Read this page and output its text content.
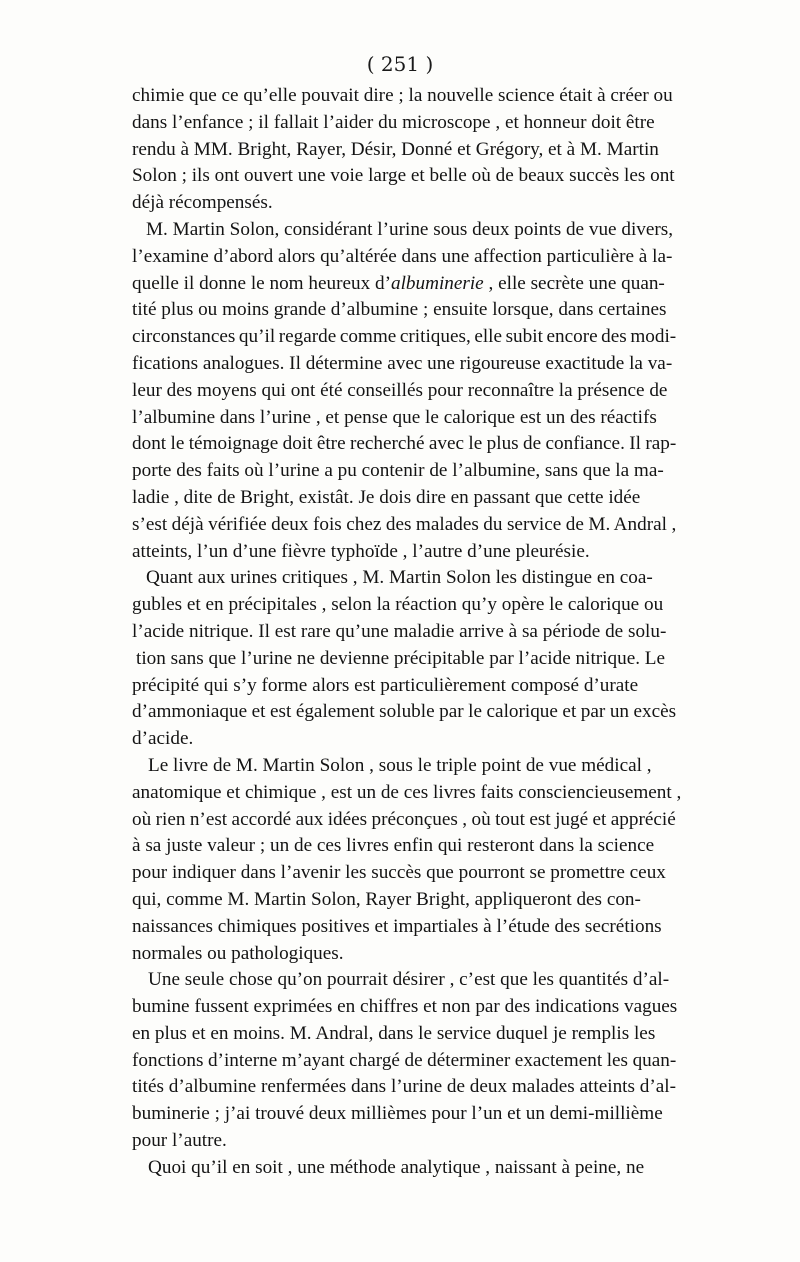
( 251 )
chimie que ce qu’elle pouvait dire ; la nouvelle science était à créer ou
dans l’enfance ; il fallait l’aider du microscope , et honneur doit être
rendu à MM. Bright, Rayer, Désir, Donné et Grégory, et à M. Martin
Solon ; ils ont ouvert une voie large et belle où de beaux succès les ont
déjà récompensés.
M. Martin Solon, considérant l’urine sous deux points de vue divers,
l’examine d’abord alors qu’altérée dans une affection particulière à la-
quelle il donne le nom heureux d’albuminerie , elle secrète une quan-
tité plus ou moins grande d’albumine ; ensuite lorsque, dans certaines
circonstances qu’il regarde comme critiques, elle subit encore des modi-
fications analogues. Il détermine avec une rigoureuse exactitude la va-
leur des moyens qui ont été conseillés pour reconnaître la présence de
l’albumine dans l’urine , et pense que le calorique est un des réactifs
dont le témoignage doit être recherché avec le plus de confiance. Il rap-
porte des faits où l’urine a pu contenir de l’albumine, sans que la ma-
ladie , dite de Bright, existât. Je dois dire en passant que cette idée
s’est déjà vérifiée deux fois chez des malades du service de M. Andral ,
atteints, l’un d’une fièvre typhoïde , l’autre d’une pleurésie.
Quant aux urines critiques , M. Martin Solon les distingue en coa-
gubles et en précipitales , selon la réaction qu’y opère le calorique ou
l’acide nitrique. Il est rare qu’une maladie arrive à sa période de solu-
tion sans que l’urine ne devienne précipitable par l’acide nitrique. Le
précipité qui s’y forme alors est particulièrement composé d’urate
d’ammoniaque et est également soluble par le calorique et par un excès
d’acide.
Le livre de M. Martin Solon , sous le triple point de vue médical ,
anatomique et chimique , est un de ces livres faits consciencieusement ,
où rien n’est accordé aux idées préconçues , où tout est jugé et apprécié
à sa juste valeur ; un de ces livres enfin qui resteront dans la science
pour indiquer dans l’avenir les succès que pourront se promettre ceux
qui, comme M. Martin Solon, Rayer Bright, appliqueront des con-
naissances chimiques positives et impartiales à l’étude des secrétions
normales ou pathologiques.
Une seule chose qu’on pourrait désirer , c’est que les quantités d’al-
bumine fussent exprimées en chiffres et non par des indications vagues
en plus et en moins. M. Andral, dans le service duquel je remplis les
fonctions d’interne m’ayant chargé de déterminer exactement les quan-
tités d’albumine renfermées dans l’urine de deux malades atteints d’al-
buminerie ; j’ai trouvé deux millièmes pour l’un et un demi-millième
pour l’autre.
Quoi qu’il en soit , une méthode analytique , naissant à peine, ne
